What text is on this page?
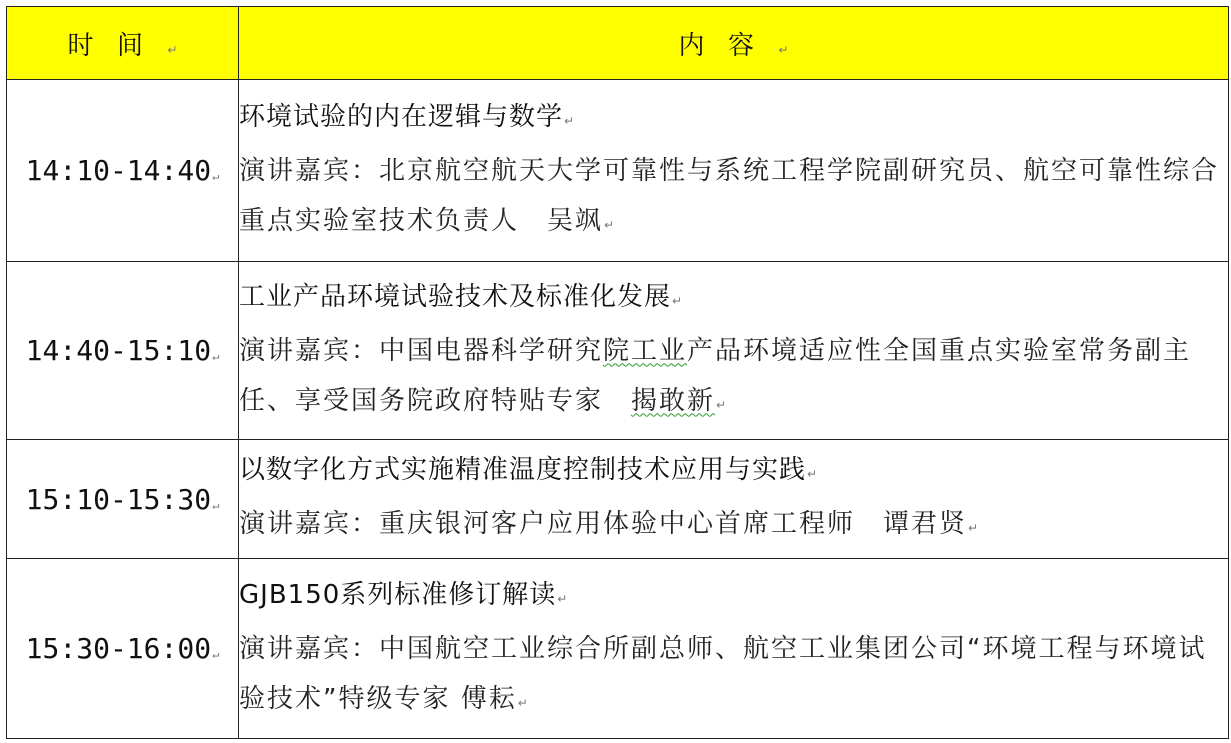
时间↵	内容↵
14:10-14:40↵	环境试验的内在逻辑与数学↵
演讲嘉宾：北京航空航天大学可靠性与系统工程学院副研究员、航空可靠性综合重点实验室技术负责人　吴飒↵

14:40-15:10↵	工业产品环境试验技术及标准化发展↵
演讲嘉宾：中国电器科学研究院工业产品环境适应性全国重点实验室常务副主任、享受国务院政府特贴专家　揭敢新↵

15:10-15:30↵	以数字化方式实施精准温度控制技术应用与实践↵
演讲嘉宾：重庆银河客户应用体验中心首席工程师　谭君贤↵

15:30-16:00↵	GJB150系列标准修订解读↵
演讲嘉宾：中国航空工业综合所副总师、航空工业集团公司“环境工程与环境试验技术”特级专家 傅耘↵
